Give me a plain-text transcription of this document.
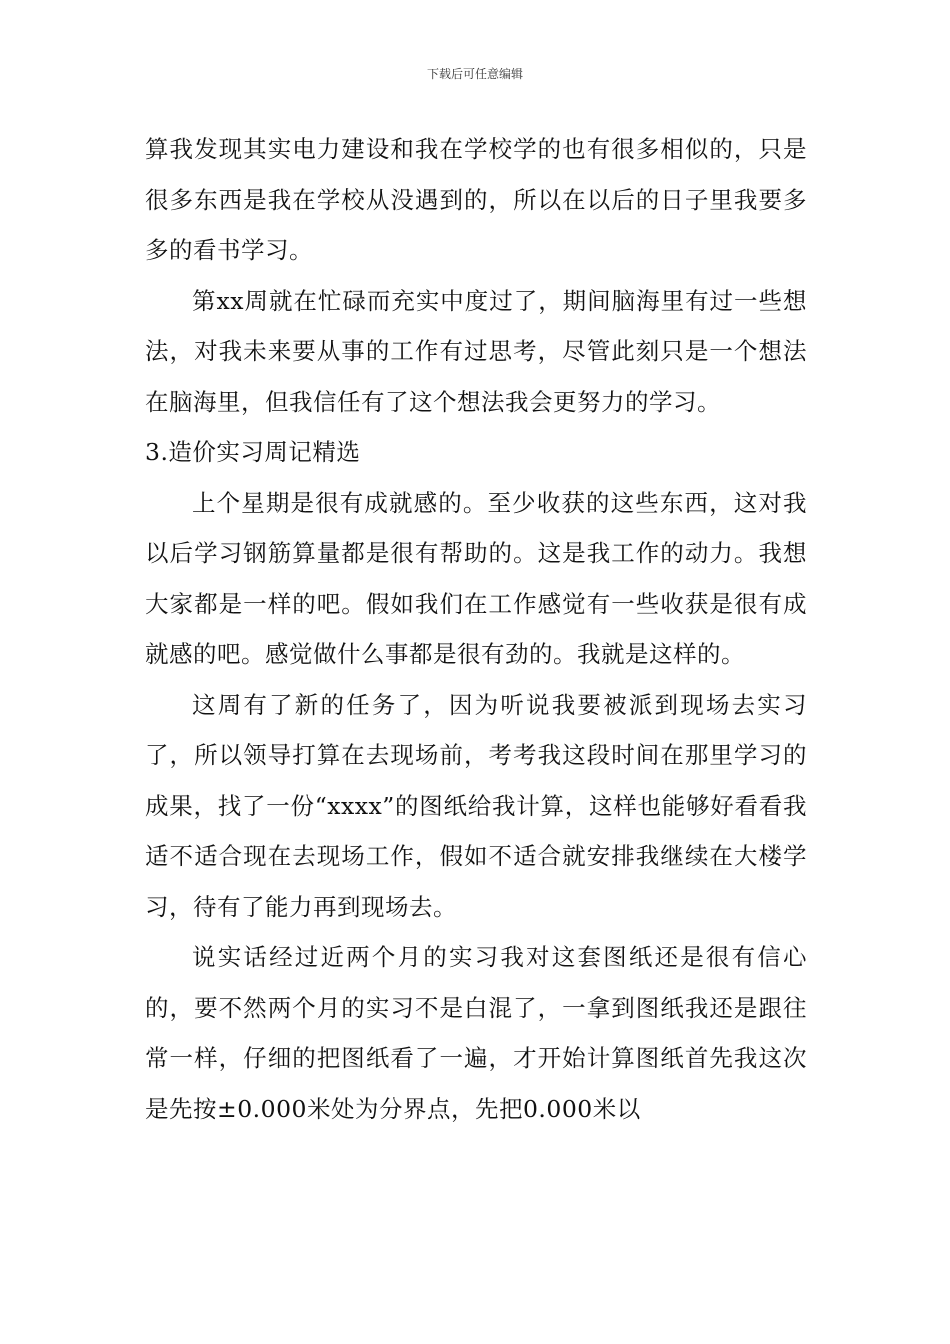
下载后可任意编辑

算我发现其实电力建设和我在学校学的也有很多相似的，只是很多东西是我在学校从没遇到的，所以在以后的日子里我要多多的看书学习。

第xx周就在忙碌而充实中度过了，期间脑海里有过一些想法，对我未来要从事的工作有过思考，尽管此刻只是一个想法在脑海里，但我信任有了这个想法我会更努力的学习。

3.造价实习周记精选

上个星期是很有成就感的。至少收获的这些东西，这对我以后学习钢筋算量都是很有帮助的。这是我工作的动力。我想大家都是一样的吧。假如我们在工作感觉有一些收获是很有成就感的吧。感觉做什么事都是很有劲的。我就是这样的。

这周有了新的任务了，因为听说我要被派到现场去实习了，所以领导打算在去现场前，考考我这段时间在那里学习的成果，找了一份“xxxx”的图纸给我计算，这样也能够好看看我适不适合现在去现场工作，假如不适合就安排我继续在大楼学习，待有了能力再到现场去。

说实话经过近两个月的实习我对这套图纸还是很有信心的，要不然两个月的实习不是白混了，一拿到图纸我还是跟往常一样，仔细的把图纸看了一遍，才开始计算图纸首先我这次是先按±0.000米处为分界点，先把0.000米以
